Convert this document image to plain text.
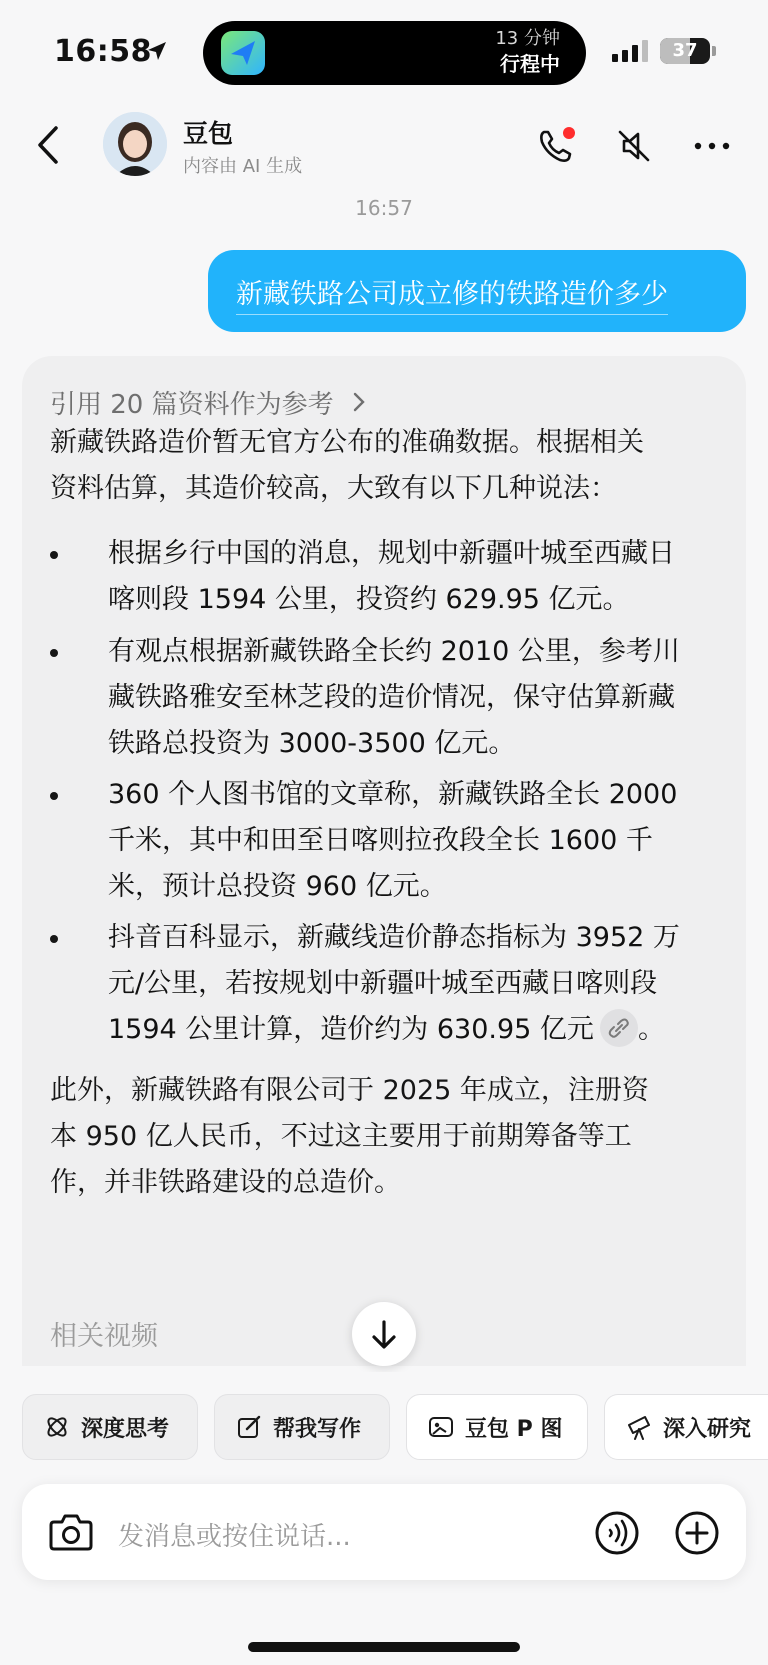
16:58	13 分钟
行程中
37
豆包
内容由 AI 生成
16:57
新藏铁路公司成立修的铁路造价多少
引用 20 篇资料作为参考
新藏铁路造价暂无官方公布的准确数据。根据相关
资料估算，其造价较高，大致有以下几种说法：
根据乡行中国的消息，规划中新疆叶城至西藏日
喀则段 1594 公里，投资约 629.95 亿元。
有观点根据新藏铁路全长约 2010 公里，参考川
藏铁路雅安至林芝段的造价情况，保守估算新藏
铁路总投资为 3000-3500 亿元。
360 个人图书馆的文章称，新藏铁路全长 2000
千米，其中和田至日喀则拉孜段全长 1600 千
米，预计总投资 960 亿元。
抖音百科显示，新藏线造价静态指标为 3952 万
元/公里，若按规划中新疆叶城至西藏日喀则段
1594 公里计算，造价约为 630.95 亿元 。
此外，新藏铁路有限公司于 2025 年成立，注册资
本 950 亿人民币，不过这主要用于前期筹备等工
作，并非铁路建设的总造价。
相关视频
深度思考	帮我写作	豆包 P 图	深入研究
发消息或按住说话...
